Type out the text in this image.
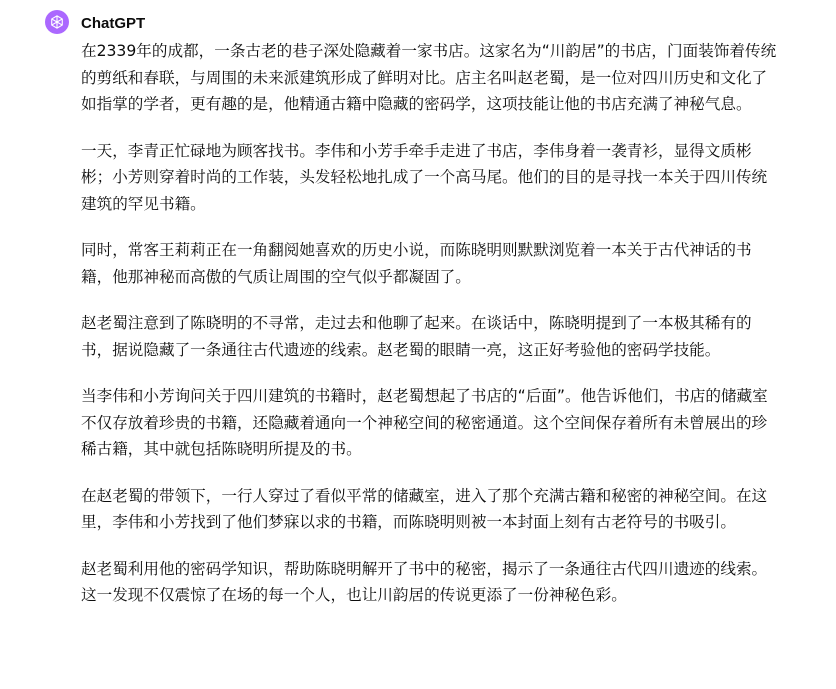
ChatGPT

在2339年的成都，一条古老的巷子深处隐藏着一家书店。这家名为“川韵居”的书店，门面装饰着传统的剪纸和春联，与周围的未来派建筑形成了鲜明对比。店主名叫赵老蜀，是一位对四川历史和文化了如指掌的学者，更有趣的是，他精通古籍中隐藏的密码学，这项技能让他的书店充满了神秘气息。

一天，李青正忙碌地为顾客找书。李伟和小芳手牵手走进了书店，李伟身着一袭青衫，显得文质彬彬；小芳则穿着时尚的工作装，头发轻松地扎成了一个高马尾。他们的目的是寻找一本关于四川传统建筑的罕见书籍。

同时，常客王莉莉正在一角翻阅她喜欢的历史小说，而陈晓明则默默浏览着一本关于古代神话的书籍，他那神秘而高傲的气质让周围的空气似乎都凝固了。

赵老蜀注意到了陈晓明的不寻常，走过去和他聊了起来。在谈话中，陈晓明提到了一本极其稀有的书，据说隐藏了一条通往古代遗迹的线索。赵老蜀的眼睛一亮，这正好考验他的密码学技能。

当李伟和小芳询问关于四川建筑的书籍时，赵老蜀想起了书店的“后面”。他告诉他们，书店的储藏室不仅存放着珍贵的书籍，还隐藏着通向一个神秘空间的秘密通道。这个空间保存着所有未曾展出的珍稀古籍，其中就包括陈晓明所提及的书。

在赵老蜀的带领下，一行人穿过了看似平常的储藏室，进入了那个充满古籍和秘密的神秘空间。在这里，李伟和小芳找到了他们梦寐以求的书籍，而陈晓明则被一本封面上刻有古老符号的书吸引。

赵老蜀利用他的密码学知识，帮助陈晓明解开了书中的秘密，揭示了一条通往古代四川遗迹的线索。这一发现不仅震惊了在场的每一个人，也让川韵居的传说更添了一份神秘色彩。
